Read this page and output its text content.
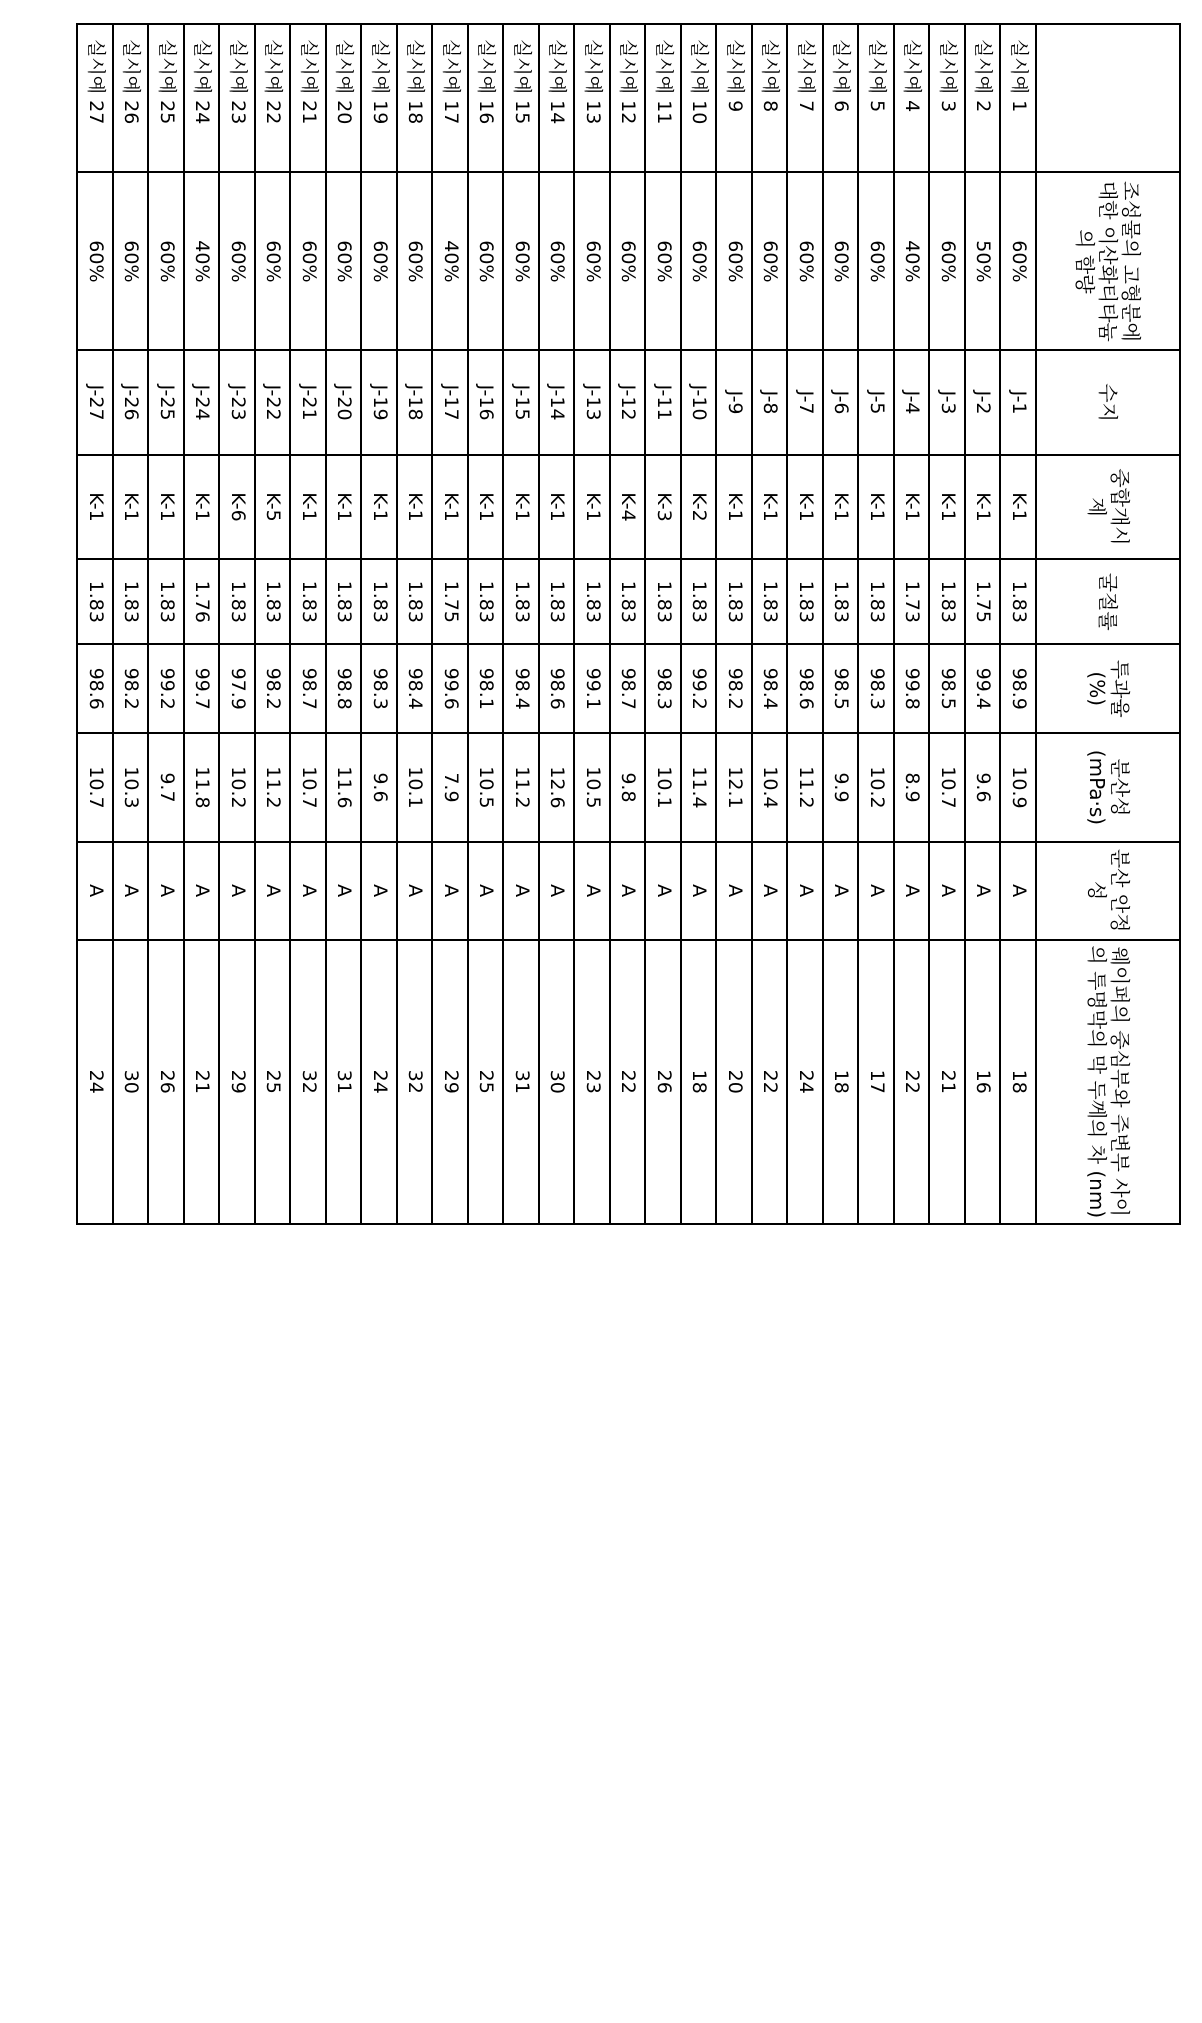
	조성물의 고형분에 대한 이산화티타늄의 함량	수지	중합개시제	굴절률	투과율 (%)	분산성 (mPa·s)	분산 안정성	웨이퍼의 중심부와 주변부 사이의 투명막의 막 두께의 차 (nm)
실시예 1	60%	J-1	K-1	1.83	98.9	10.9	A	18
실시예 2	50%	J-2	K-1	1.75	99.4	9.6	A	16
실시예 3	60%	J-3	K-1	1.83	98.5	10.7	A	21
실시예 4	40%	J-4	K-1	1.73	99.8	8.9	A	22
실시예 5	60%	J-5	K-1	1.83	98.3	10.2	A	17
실시예 6	60%	J-6	K-1	1.83	98.5	9.9	A	18
실시예 7	60%	J-7	K-1	1.83	98.6	11.2	A	24
실시예 8	60%	J-8	K-1	1.83	98.4	10.4	A	22
실시예 9	60%	J-9	K-1	1.83	98.2	12.1	A	20
실시예 10	60%	J-10	K-2	1.83	99.2	11.4	A	18
실시예 11	60%	J-11	K-3	1.83	98.3	10.1	A	26
실시예 12	60%	J-12	K-4	1.83	98.7	9.8	A	22
실시예 13	60%	J-13	K-1	1.83	99.1	10.5	A	23
실시예 14	60%	J-14	K-1	1.83	98.6	12.6	A	30
실시예 15	60%	J-15	K-1	1.83	98.4	11.2	A	31
실시예 16	60%	J-16	K-1	1.83	98.1	10.5	A	25
실시예 17	40%	J-17	K-1	1.75	99.6	7.9	A	29
실시예 18	60%	J-18	K-1	1.83	98.4	10.1	A	32
실시예 19	60%	J-19	K-1	1.83	98.3	9.6	A	24
실시예 20	60%	J-20	K-1	1.83	98.8	11.6	A	31
실시예 21	60%	J-21	K-1	1.83	98.7	10.7	A	32
실시예 22	60%	J-22	K-5	1.83	98.2	11.2	A	25
실시예 23	60%	J-23	K-6	1.83	97.9	10.2	A	29
실시예 24	40%	J-24	K-1	1.76	99.7	11.8	A	21
실시예 25	60%	J-25	K-1	1.83	99.2	9.7	A	26
실시예 26	60%	J-26	K-1	1.83	98.2	10.3	A	30
실시예 27	60%	J-27	K-1	1.83	98.6	10.7	A	24
